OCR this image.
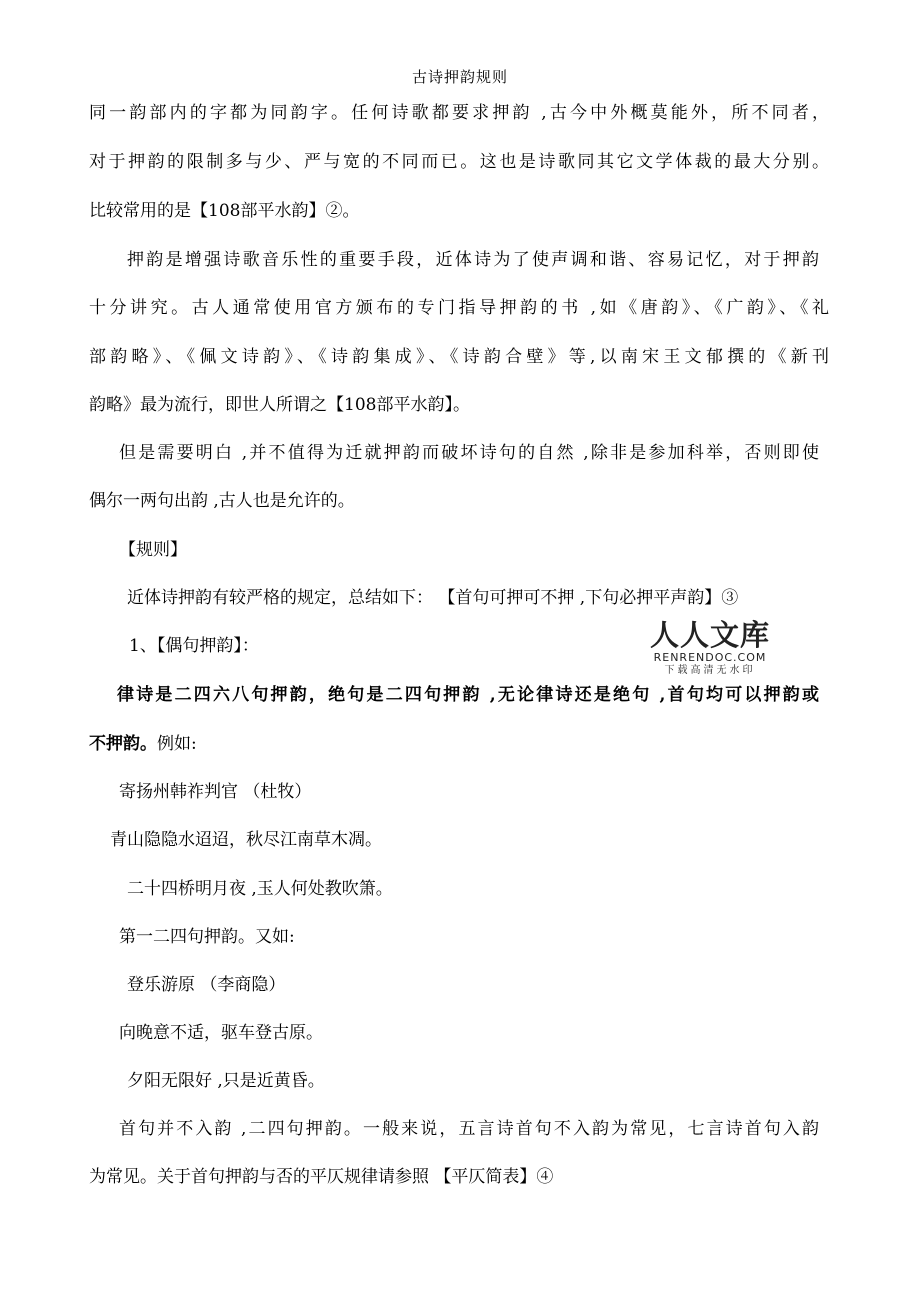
古诗押韵规则
同一韵部内的字都为同韵字。任何诗歌都要求押韵 ,古今中外概莫能外，所不同者，
对于押韵的限制多与少、严与宽的不同而已。这也是诗歌同其它文学体裁的最大分别。
比较常用的是【108部平水韵】②。
押韵是增强诗歌音乐性的重要手段，近体诗为了使声调和谐、容易记忆，对于押韵
十分讲究。古人通常使用官方颁布的专门指导押韵的书 ,如《唐韵》、《广韵》、《礼
部韵略》、《佩文诗韵》、《诗韵集成》、《诗韵合壁》等,以南宋王文郁撰的《新刊
韵略》最为流行，即世人所谓之【108部平水韵】。
但是需要明白 ,并不值得为迁就押韵而破坏诗句的自然 ,除非是参加科举，否则即使
偶尔一两句出韵 ,古人也是允许的。
【规则】
近体诗押韵有较严格的规定，总结如下： 【首句可押可不押 ,下句必押平声韵】③
1、【偶句押韵】：
律诗是二四六八句押韵，绝句是二四句押韵 ,无论律诗还是绝句 ,首句均可以押韵或
不押韵。例如:
寄扬州韩祚判官 （杜牧）
青山隐隐水迢迢，秋尽江南草木凋。
二十四桥明月夜 ,玉人何处教吹箫。
第一二四句押韵。又如:
登乐游原 （李商隐）
向晚意不适，驱车登古原。
夕阳无限好 ,只是近黄昏。
首句并不入韵 ,二四句押韵。一般来说，五言诗首句不入韵为常见，七言诗首句入韵
为常见。关于首句押韵与否的平仄规律请参照 【平仄简表】④
人人文库
RENRENDOC.COM
下载高清无水印
